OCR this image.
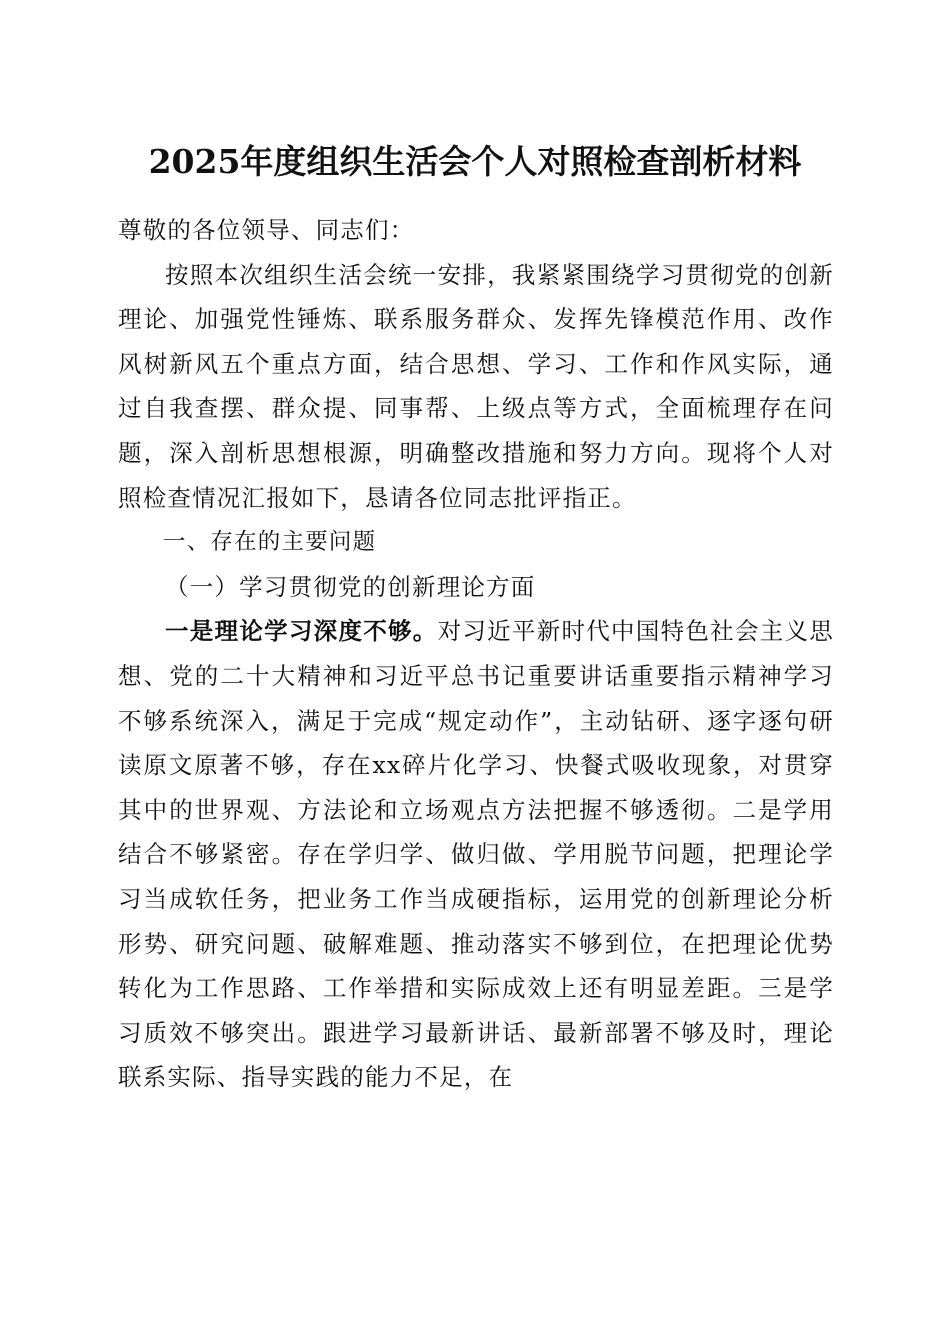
2025年度组织生活会个人对照检查剖析材料

尊敬的各位领导、同志们：

按照本次组织生活会统一安排，我紧紧围绕学习贯彻党的创新理论、加强党性锤炼、联系服务群众、发挥先锋模范作用、改作风树新风五个重点方面，结合思想、学习、工作和作风实际，通过自我查摆、群众提、同事帮、上级点等方式，全面梳理存在问题，深入剖析思想根源，明确整改措施和努力方向。现将个人对照检查情况汇报如下，恳请各位同志批评指正。

一、存在的主要问题

（一）学习贯彻党的创新理论方面

一是理论学习深度不够。对习近平新时代中国特色社会主义思想、党的二十大精神和习近平总书记重要讲话重要指示精神学习不够系统深入，满足于完成“规定动作”，主动钻研、逐字逐句研读原文原著不够，存在xx碎片化学习、快餐式吸收现象，对贯穿其中的世界观、方法论和立场观点方法把握不够透彻。二是学用结合不够紧密。存在学归学、做归做、学用脱节问题，把理论学习当成软任务，把业务工作当成硬指标，运用党的创新理论分析形势、研究问题、破解难题、推动落实不够到位，在把理论优势转化为工作思路、工作举措和实际成效上还有明显差距。三是学习质效不够突出。跟进学习最新讲话、最新部署不够及时，理论联系实际、指导实践的能力不足，在
